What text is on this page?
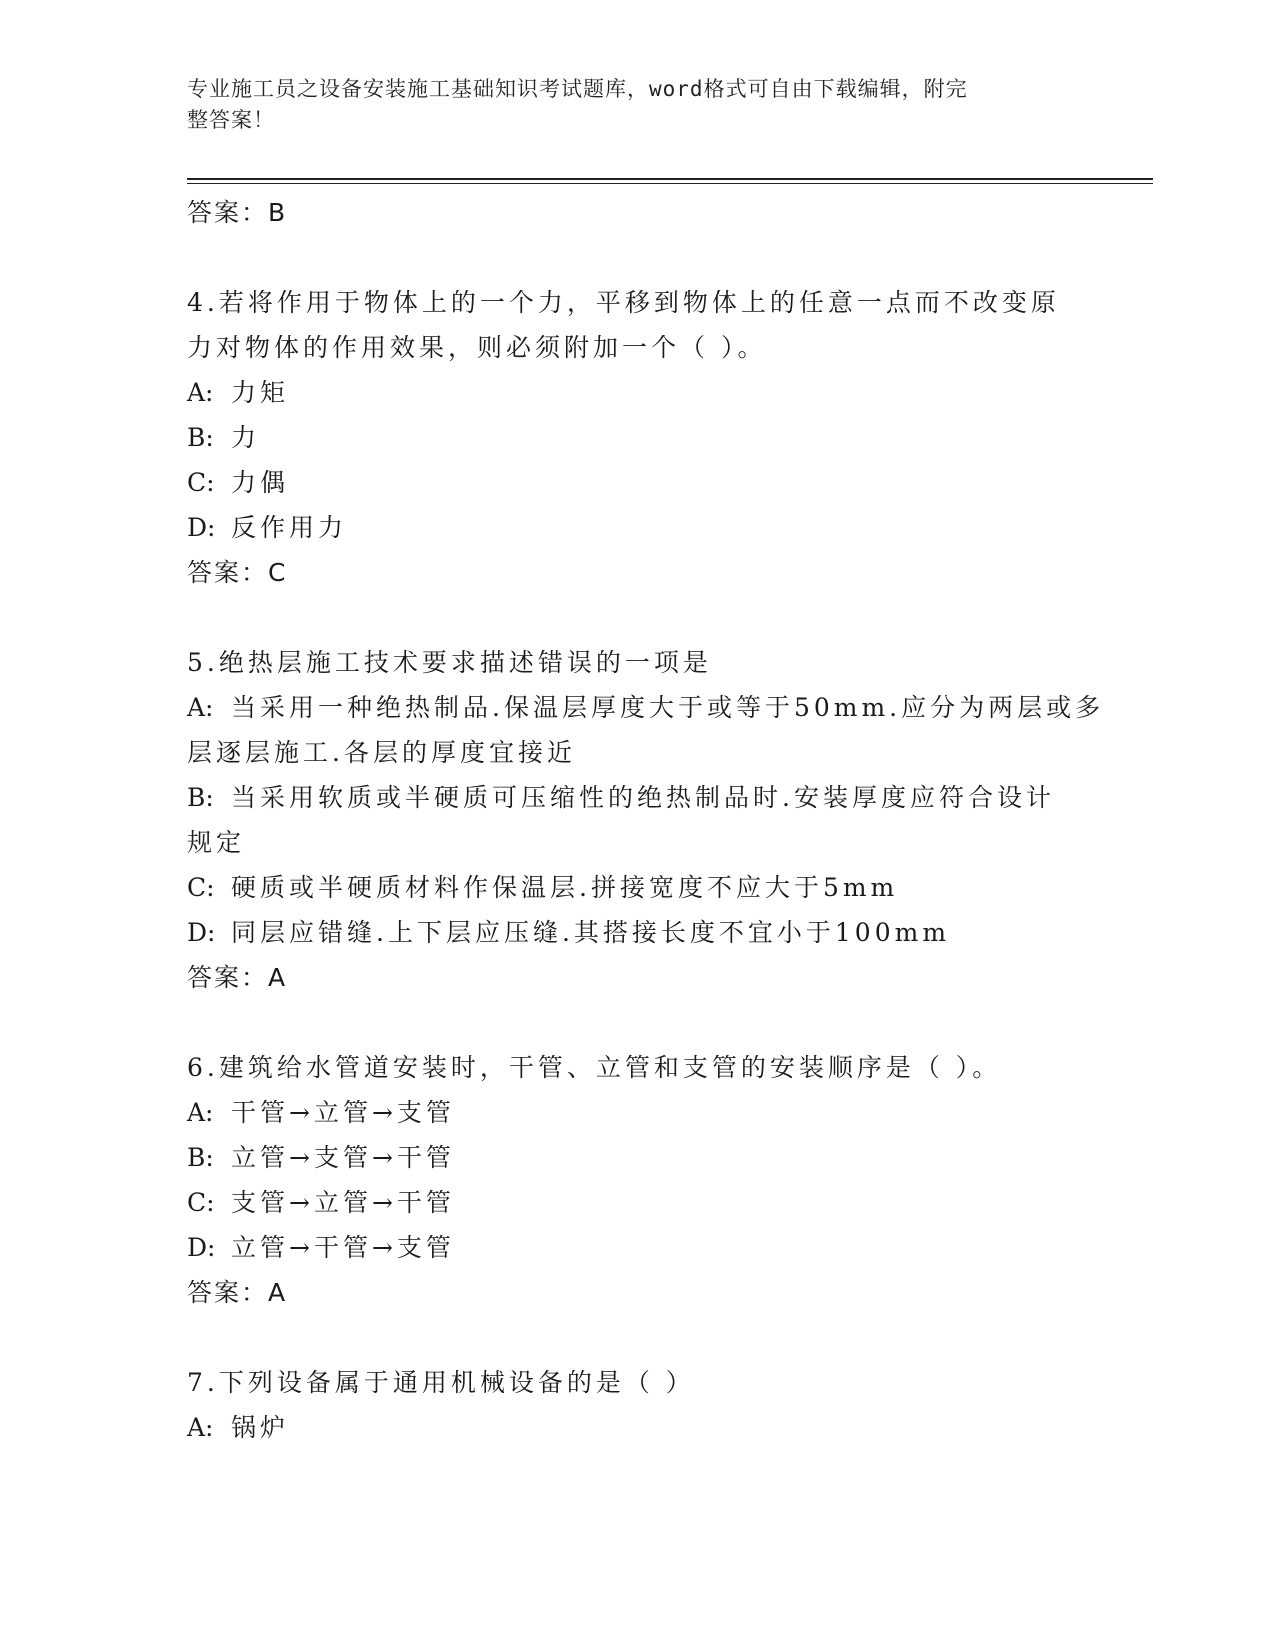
专业施工员之设备安装施工基础知识考试题库，word格式可自由下载编辑，附完
整答案！
答案：B
4.若将作用于物体上的一个力，平移到物体上的任意一点而不改变原
力对物体的作用效果，则必须附加一个（ ）。
A: 力矩
B: 力
C: 力偶
D: 反作用力
答案：C
5.绝热层施工技术要求描述错误的一项是
A: 当采用一种绝热制品.保温层厚度大于或等于50mm.应分为两层或多
层逐层施工.各层的厚度宜接近
B: 当采用软质或半硬质可压缩性的绝热制品时.安装厚度应符合设计
规定
C: 硬质或半硬质材料作保温层.拼接宽度不应大于5mm
D: 同层应错缝.上下层应压缝.其搭接长度不宜小于100mm
答案：A
6.建筑给水管道安装时，干管、立管和支管的安装顺序是（ ）。
A: 干管→立管→支管
B: 立管→支管→干管
C: 支管→立管→干管
D: 立管→干管→支管
答案：A
7.下列设备属于通用机械设备的是（ ）
A: 锅炉
